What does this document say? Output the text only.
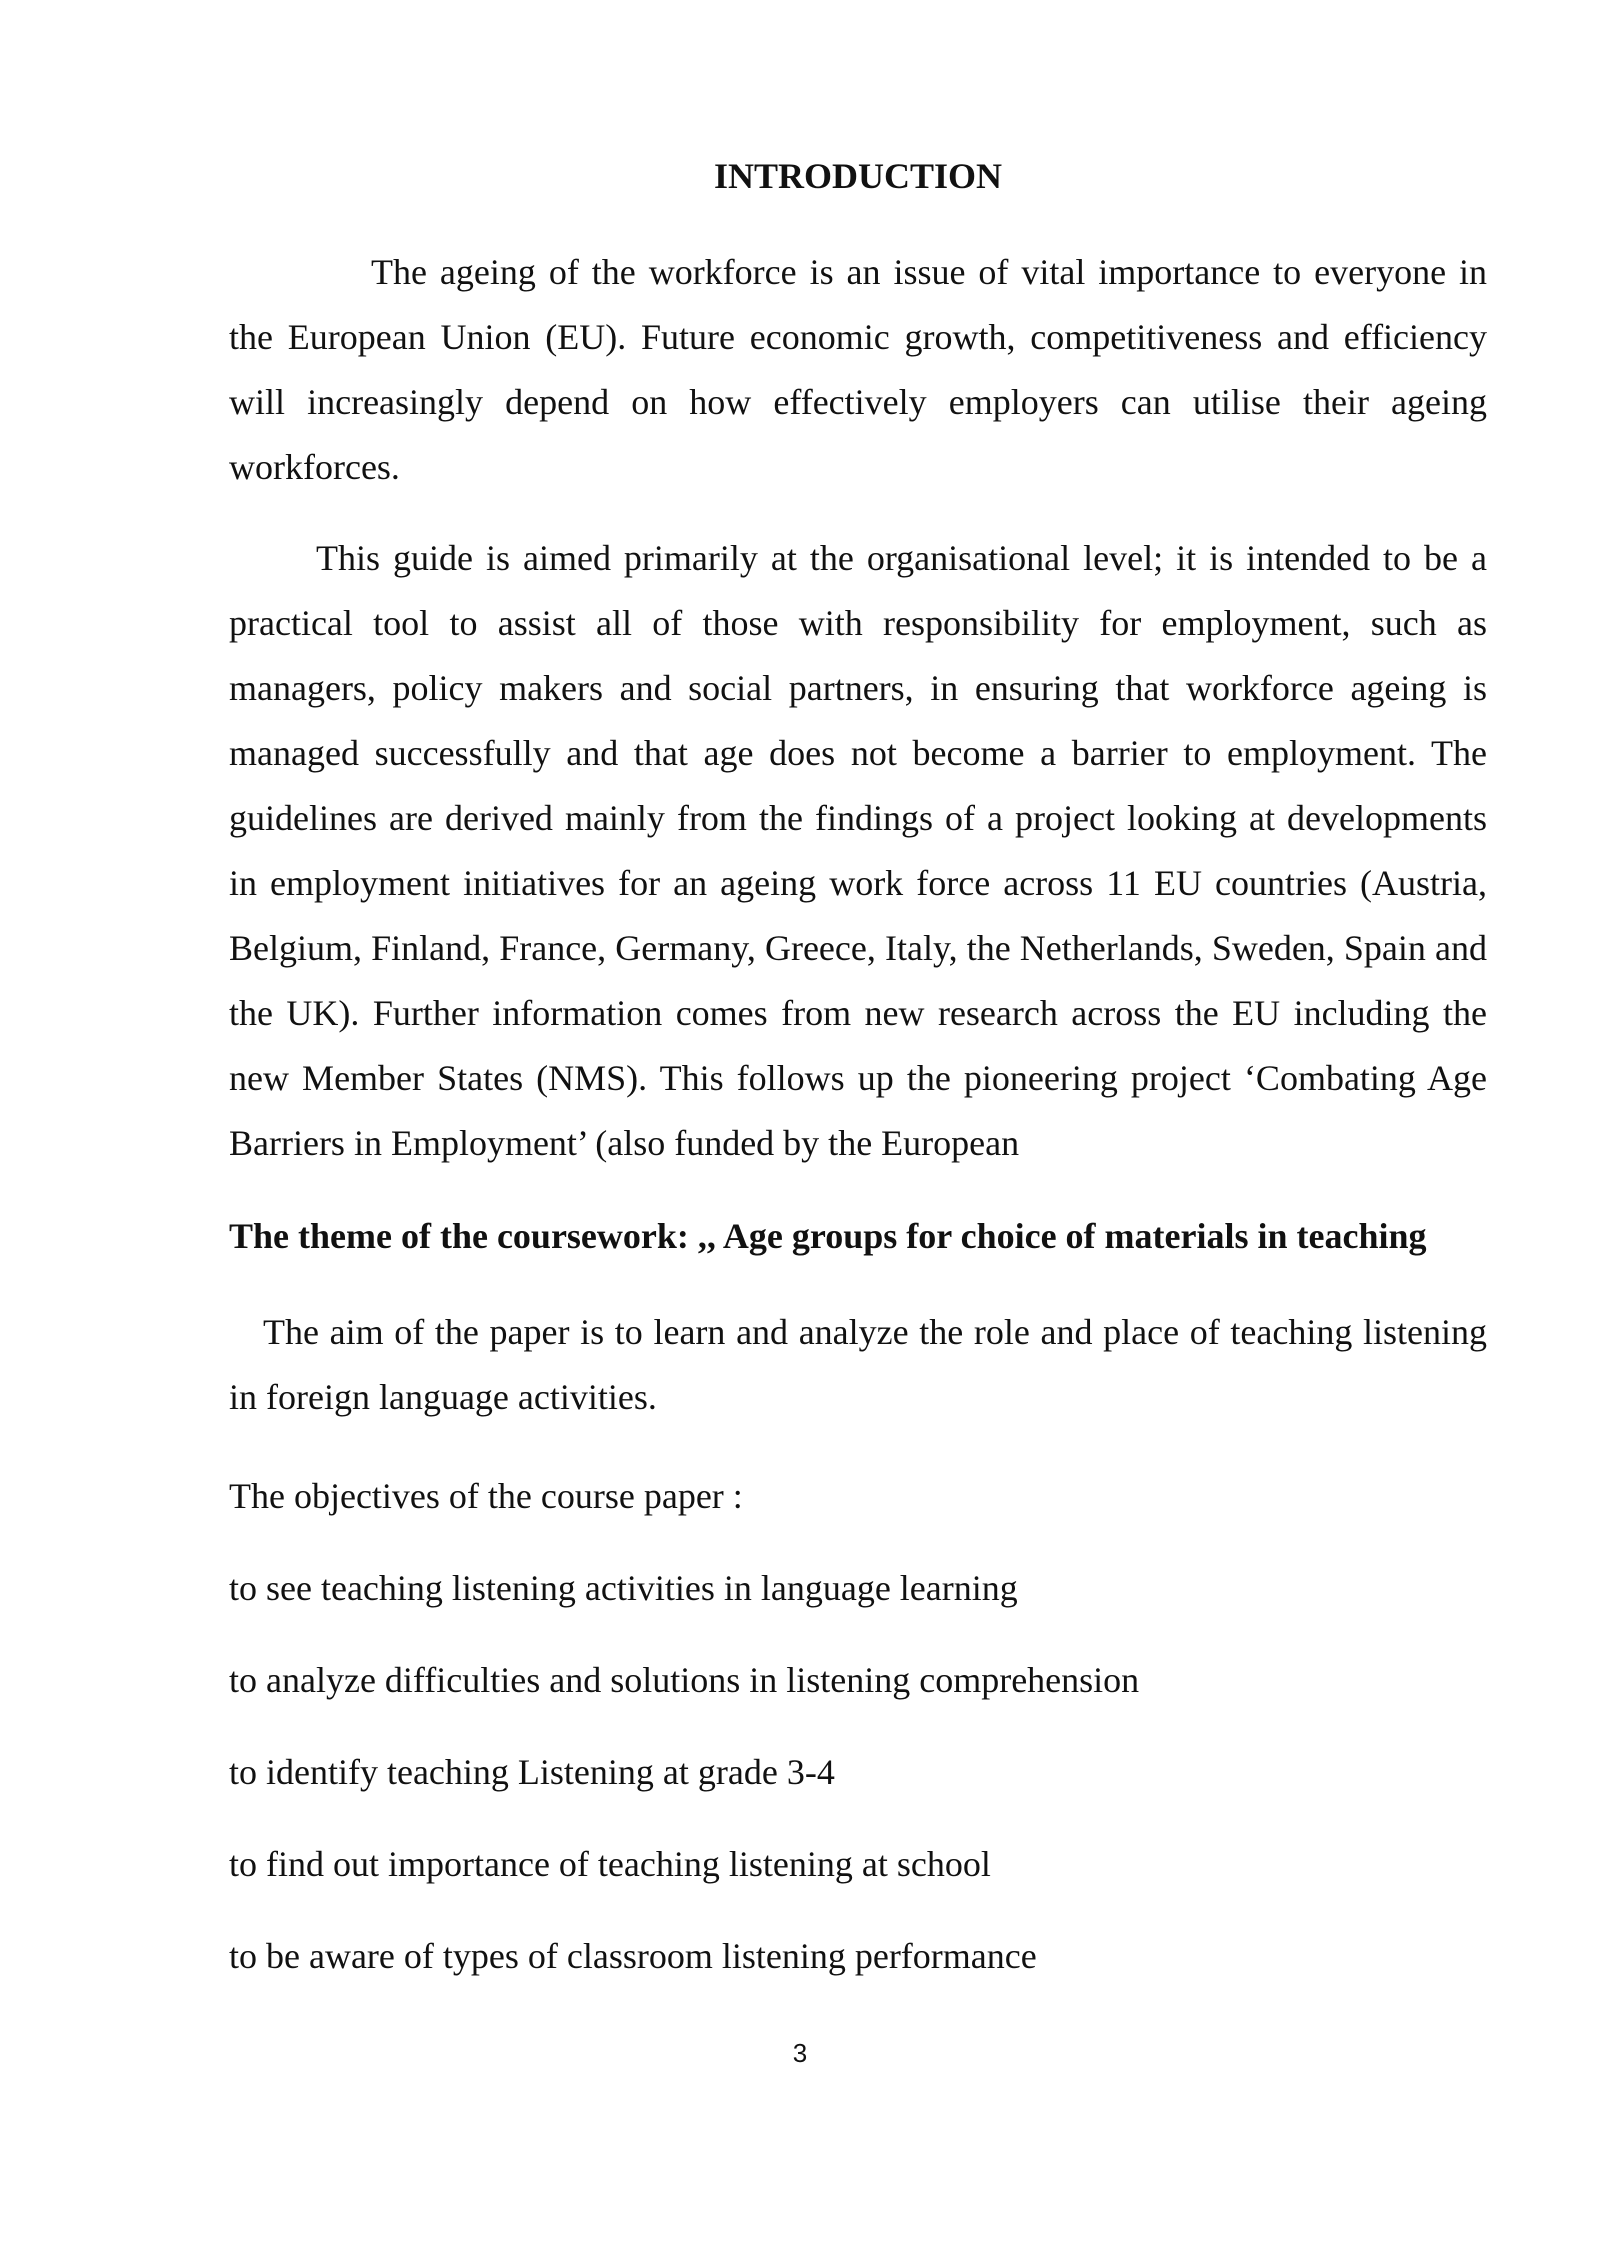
INTRODUCTION

The ageing of the workforce is an issue of vital importance to everyone in the European Union (EU). Future economic growth, competitiveness and efficiency will increasingly depend on how effectively employers can utilise their ageing workforces.

This guide is aimed primarily at the organisational level; it is intended to be a practical tool to assist all of those with responsibility for employment, such as managers, policy makers and social partners, in ensuring that workforce ageing is managed successfully and that age does not become a barrier to employment. The guidelines are derived mainly from the findings of a project looking at developments in employment initiatives for an ageing work force across 11 EU countries (Austria, Belgium, Finland, France, Germany, Greece, Italy, the Netherlands, Sweden, Spain and the UK). Further information comes from new research across the EU including the new Member States (NMS). This follows up the pioneering project ‘Combating Age Barriers in Employment’ (also funded by the European

The theme of the coursework: ,, Age groups for choice of materials in teaching

The aim of the paper is to learn and analyze the role and place of teaching listening in foreign language activities.

The objectives of the course paper :

to see teaching listening activities in language learning

to analyze difficulties and solutions in listening comprehension

to identify teaching Listening at grade 3-4

to find out importance of teaching listening at school

to be aware of types of classroom listening performance

3
